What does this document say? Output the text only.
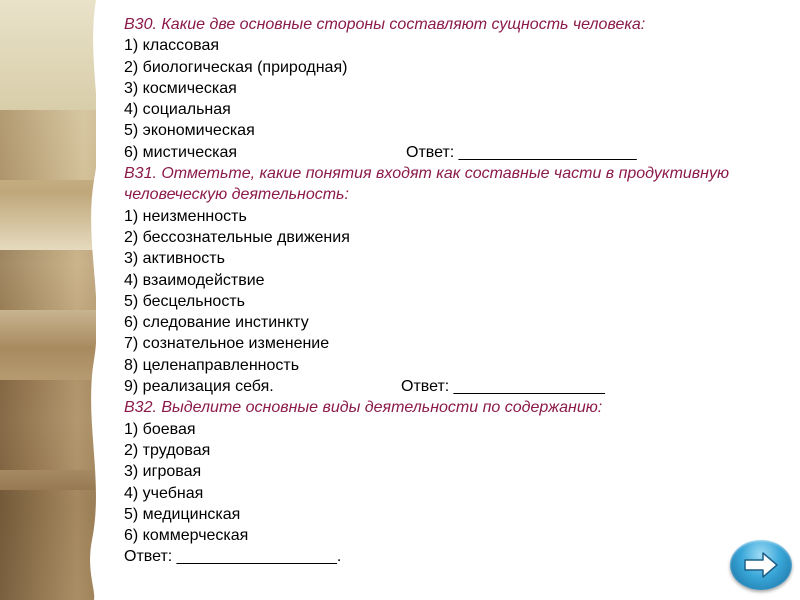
В30. Какие две основные стороны составляют сущность человека:
1) классовая
2) биологическая (природная)
3) космическая
4) социальная
5) экономическая
6) мистическая	Ответ: ____________________
В31. Отметьте, какие понятия входят как составные части в продуктивную человеческую деятельность:
1) неизменность
2) бессознательные движения
3) активность
4) взаимодействие
5) бесцельность
6) следование инстинкту
7) сознательное изменение
8) целенаправленность
9) реализация себя.	Ответ: _________________
В32. Выделите основные виды деятельности по содержанию:
1) боевая
2) трудовая
3) игровая
4) учебная
5) медицинская
6) коммерческая
Ответ: __________________.
